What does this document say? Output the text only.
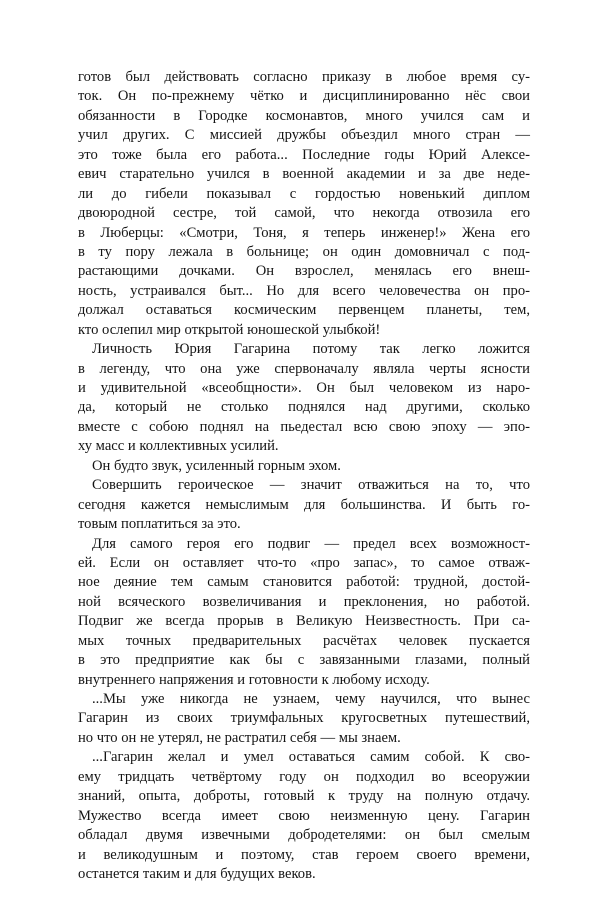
готов был действовать согласно приказу в любое время су-
ток. Он по-прежнему чётко и дисциплинированно нёс свои
обязанности в Городке космонавтов, много учился сам и
учил других. С миссией дружбы объездил много стран —
это тоже была его работа... Последние годы Юрий Алексе-
евич старательно учился в военной академии и за две неде-
ли до гибели показывал с гордостью новенький диплом
двоюродной сестре, той самой, что некогда отвозила его
в Люберцы: «Смотри, Тоня, я теперь инженер!» Жена его
в ту пору лежала в больнице; он один домовничал с под-
растающими дочками. Он взрослел, менялась его внеш-
ность, устраивался быт... Но для всего человечества он про-
должал оставаться космическим первенцем планеты, тем,
кто ослепил мир открытой юношеской улыбкой!
Личность Юрия Гагарина потому так легко ложится
в легенду, что она уже спервоначалу являла черты ясности
и удивительной «всеобщности». Он был человеком из наро-
да, который не столько поднялся над другими, сколько
вместе с собою поднял на пьедестал всю свою эпоху — эпо-
ху масс и коллективных усилий.
Он будто звук, усиленный горным эхом.
Совершить героическое — значит отважиться на то, что
сегодня кажется немыслимым для большинства. И быть го-
товым поплатиться за это.
Для самого героя его подвиг — предел всех возможност-
ей. Если он оставляет что-то «про запас», то самое отваж-
ное деяние тем самым становится работой: трудной, достой-
ной всяческого возвеличивания и преклонения, но работой.
Подвиг же всегда прорыв в Великую Неизвестность. При са-
мых точных предварительных расчётах человек пускается
в это предприятие как бы с завязанными глазами, полный
внутреннего напряжения и готовности к любому исходу.
...Мы уже никогда не узнаем, чему научился, что вынес
Гагарин из своих триумфальных кругосветных путешествий,
но что он не утерял, не растратил себя — мы знаем.
...Гагарин желал и умел оставаться самим собой. К сво-
ему тридцать четвёртому году он подходил во всеоружии
знаний, опыта, доброты, готовый к труду на полную отдачу.
Мужество всегда имеет свою неизменную цену. Гагарин
обладал двумя извечными добродетелями: он был смелым
и великодушным и поэтому, став героем своего времени,
останется таким и для будущих веков.
